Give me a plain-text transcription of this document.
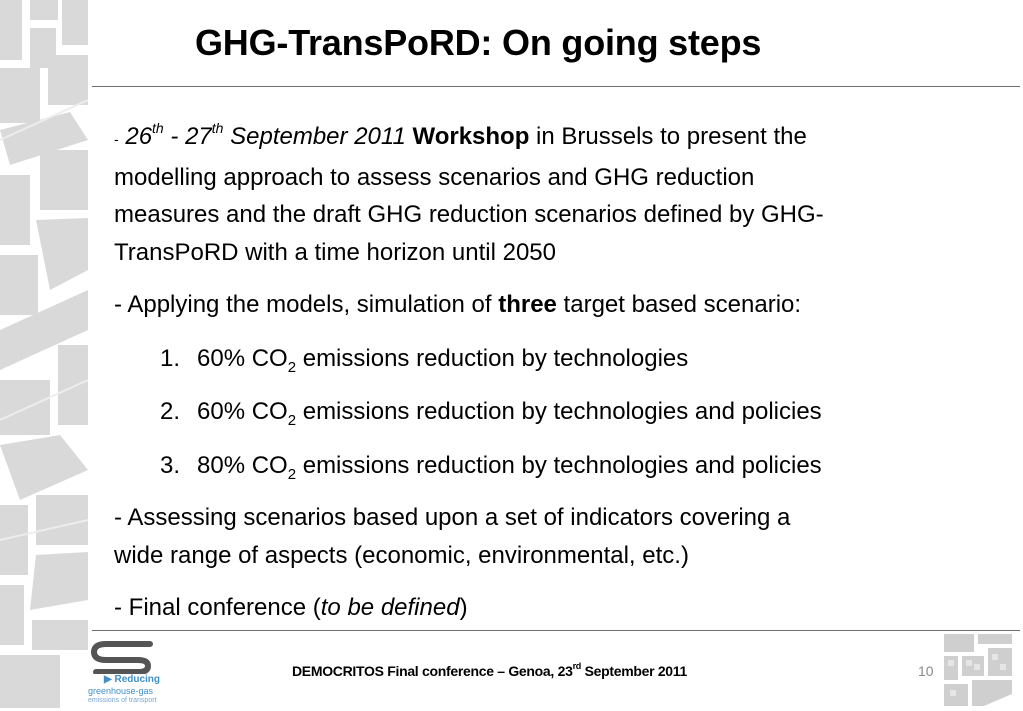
GHG-TransPoRD: On going steps

- 26th - 27th September 2011 Workshop in Brussels to present the
modelling approach to assess scenarios and GHG reduction
measures and the draft GHG reduction scenarios defined by GHG-
TransPoRD with a time horizon until 2050

- Applying the models, simulation of three target based scenario:

1. 60% $CO_2$ emissions reduction by technologies

2. 60% $CO_2$ emissions reduction by technologies and policies

3. 80% $CO_2$ emissions reduction by technologies and policies

- Assessing scenarios based upon a set of indicators covering a
wide range of aspects (economic, environmental, etc.)

- Final conference (to be defined)

▶ Reducing
greenhouse-gas
emissions of transport
DEMOCRITOS Final conference – Genoa, 23rd September 2011	10
